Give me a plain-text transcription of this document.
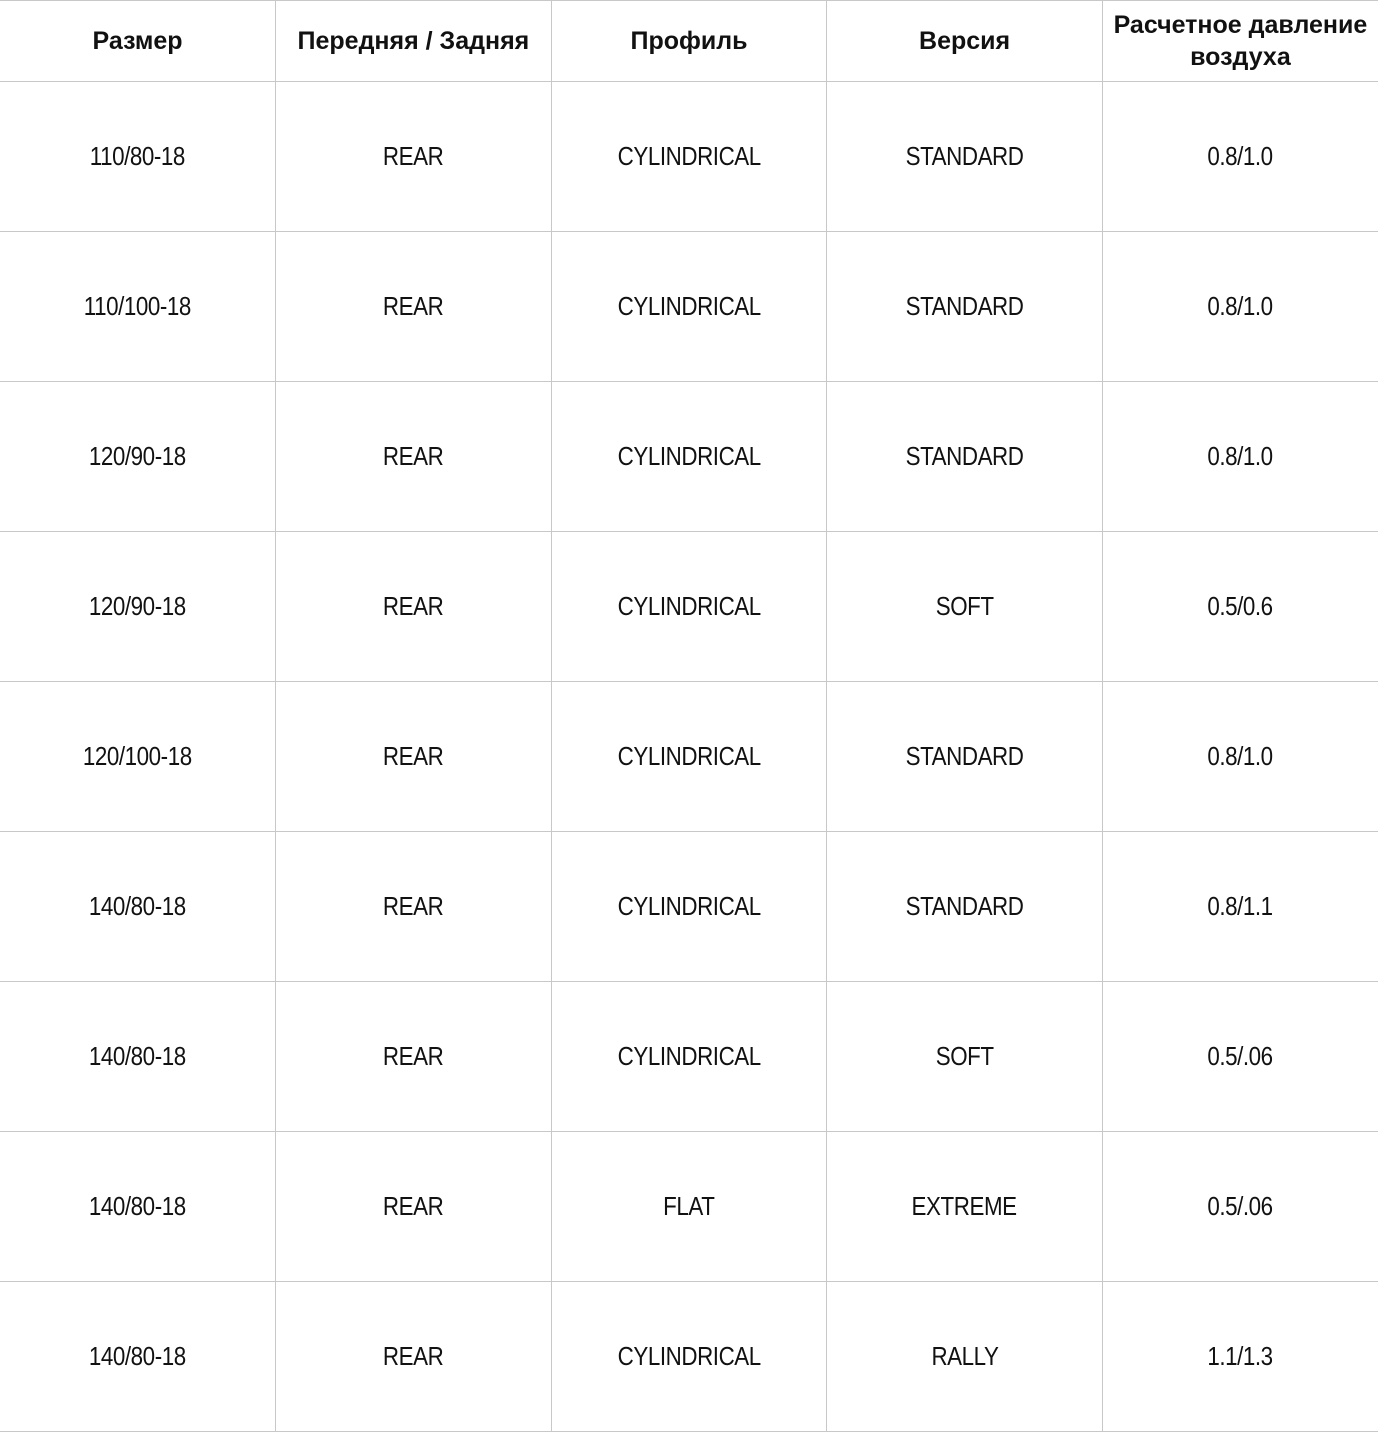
Размер	Передняя / Задняя	Профиль	Версия	Расчетное давление воздуха
110/80-18	REAR	CYLINDRICAL	STANDARD	0.8/1.0
110/100-18	REAR	CYLINDRICAL	STANDARD	0.8/1.0
120/90-18	REAR	CYLINDRICAL	STANDARD	0.8/1.0
120/90-18	REAR	CYLINDRICAL	SOFT	0.5/0.6
120/100-18	REAR	CYLINDRICAL	STANDARD	0.8/1.0
140/80-18	REAR	CYLINDRICAL	STANDARD	0.8/1.1
140/80-18	REAR	CYLINDRICAL	SOFT	0.5/.06
140/80-18	REAR	FLAT	EXTREME	0.5/.06
140/80-18	REAR	CYLINDRICAL	RALLY	1.1/1.3
